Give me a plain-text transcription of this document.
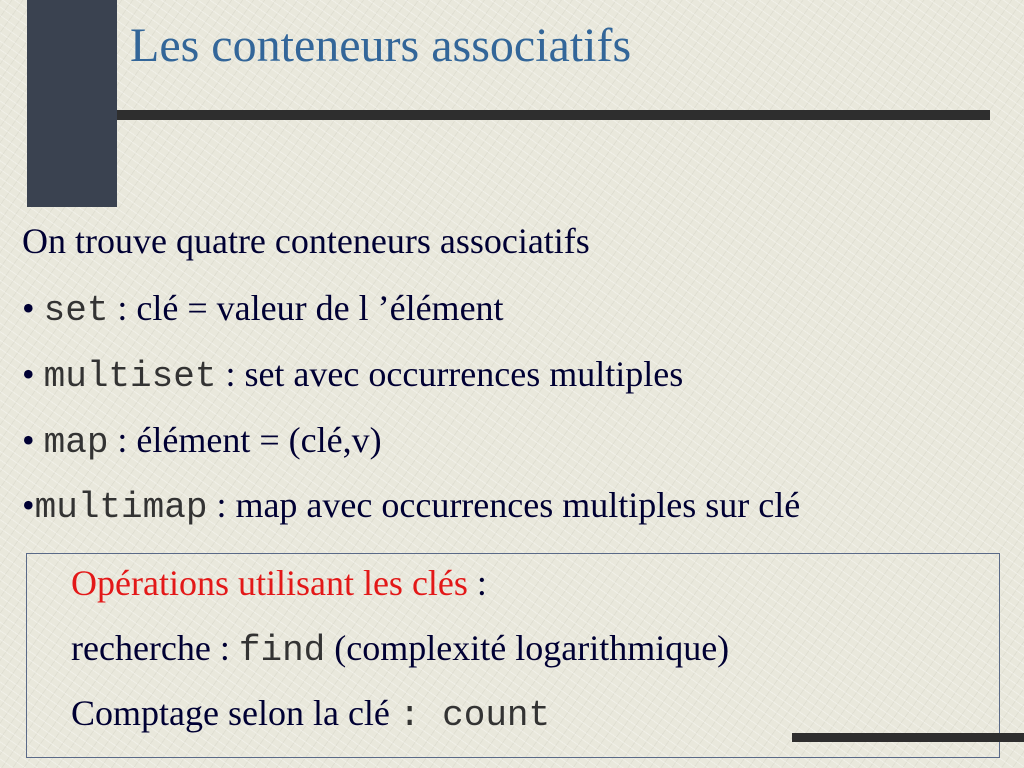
Les conteneurs associatifs
On trouve quatre conteneurs associatifs
• set : clé = valeur de l ’élément
• multiset : set avec occurrences multiples
• map : élément = (clé,v)
•multimap : map avec occurrences multiples sur clé
Opérations utilisant les clés :
recherche : find (complexité logarithmique)
Comptage selon la clé : count
